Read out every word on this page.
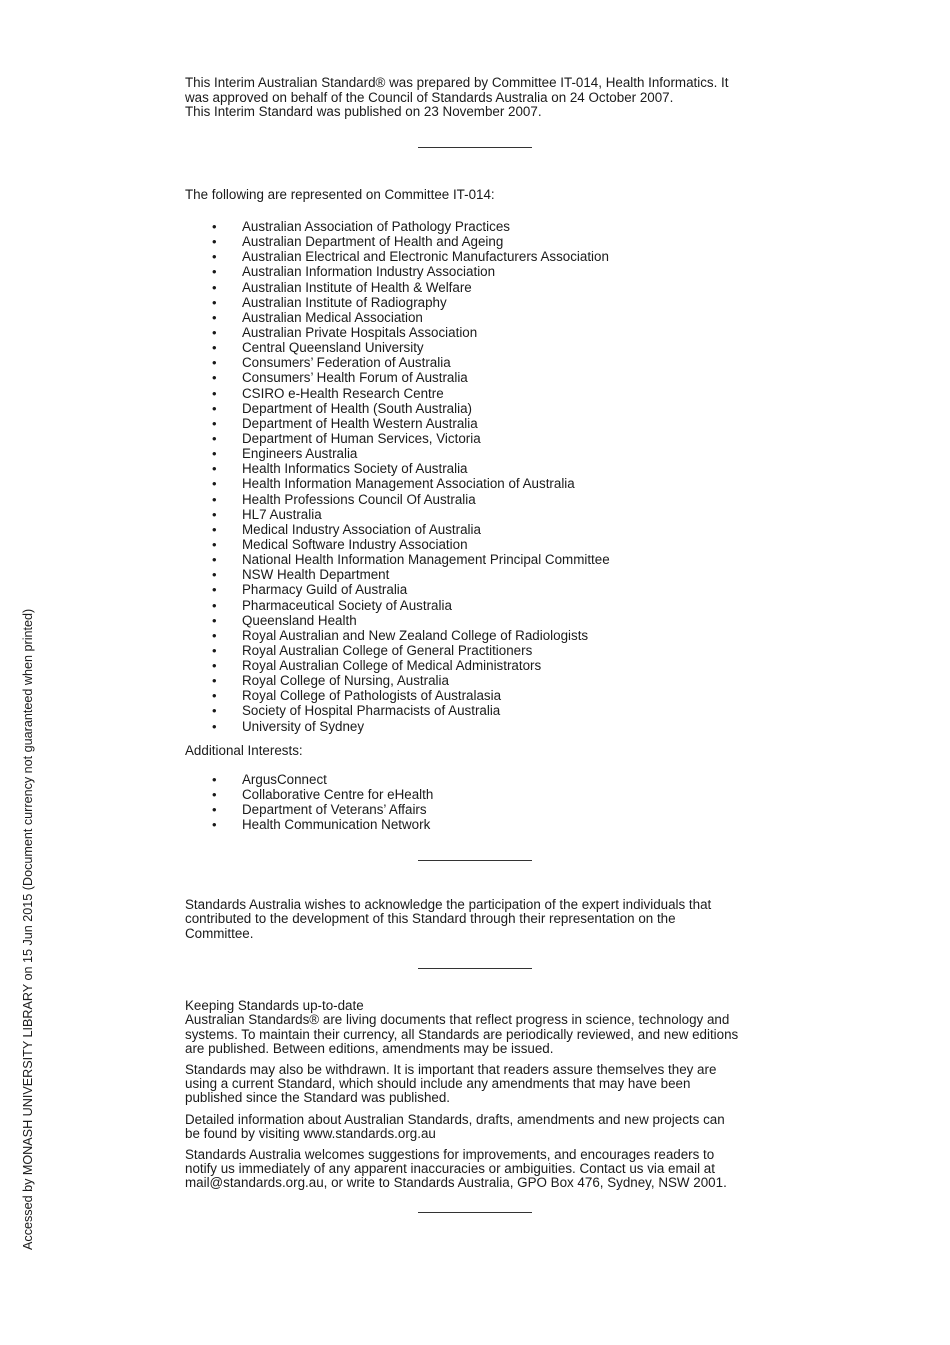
Accessed by MONASH UNIVERSITY LIBRARY on 15 Jun 2015 (Document currency not guaranteed when printed)

This Interim Australian Standard® was prepared by Committee IT-014, Health Informatics. It

was approved on behalf of the Council of Standards Australia on 24 October 2007.

This Interim Standard was published on 23 November 2007.

The following are represented on Committee IT-014:

• Australian Association of Pathology Practices
• Australian Department of Health and Ageing
• Australian Electrical and Electronic Manufacturers Association
• Australian Information Industry Association
• Australian Institute of Health & Welfare
• Australian Institute of Radiography
• Australian Medical Association
• Australian Private Hospitals Association
• Central Queensland University
• Consumers’ Federation of Australia
• Consumers’ Health Forum of Australia
• CSIRO e-Health Research Centre
• Department of Health (South Australia)
• Department of Health Western Australia
• Department of Human Services, Victoria
• Engineers Australia
• Health Informatics Society of Australia
• Health Information Management Association of Australia
• Health Professions Council Of Australia
• HL7 Australia
• Medical Industry Association of Australia
• Medical Software Industry Association
• National Health Information Management Principal Committee
• NSW Health Department
• Pharmacy Guild of Australia
• Pharmaceutical Society of Australia
• Queensland Health
• Royal Australian and New Zealand College of Radiologists
• Royal Australian College of General Practitioners
• Royal Australian College of Medical Administrators
• Royal College of Nursing, Australia
• Royal College of Pathologists of Australasia
• Society of Hospital Pharmacists of Australia
• University of Sydney

Additional Interests:

• ArgusConnect
• Collaborative Centre for eHealth
• Department of Veterans’ Affairs
• Health Communication Network

Standards Australia wishes to acknowledge the participation of the expert individuals that

contributed to the development of this Standard through their representation on the

Committee.

Keeping Standards up-to-date

Australian Standards® are living documents that reflect progress in science, technology and

systems. To maintain their currency, all Standards are periodically reviewed, and new editions

are published. Between editions, amendments may be issued.

Standards may also be withdrawn. It is important that readers assure themselves they are

using a current Standard, which should include any amendments that may have been

published since the Standard was published.

Detailed information about Australian Standards, drafts, amendments and new projects can

be found by visiting www.standards.org.au

Standards Australia welcomes suggestions for improvements, and encourages readers to

notify us immediately of any apparent inaccuracies or ambiguities. Contact us via email at

mail@standards.org.au, or write to Standards Australia, GPO Box 476, Sydney, NSW 2001.
